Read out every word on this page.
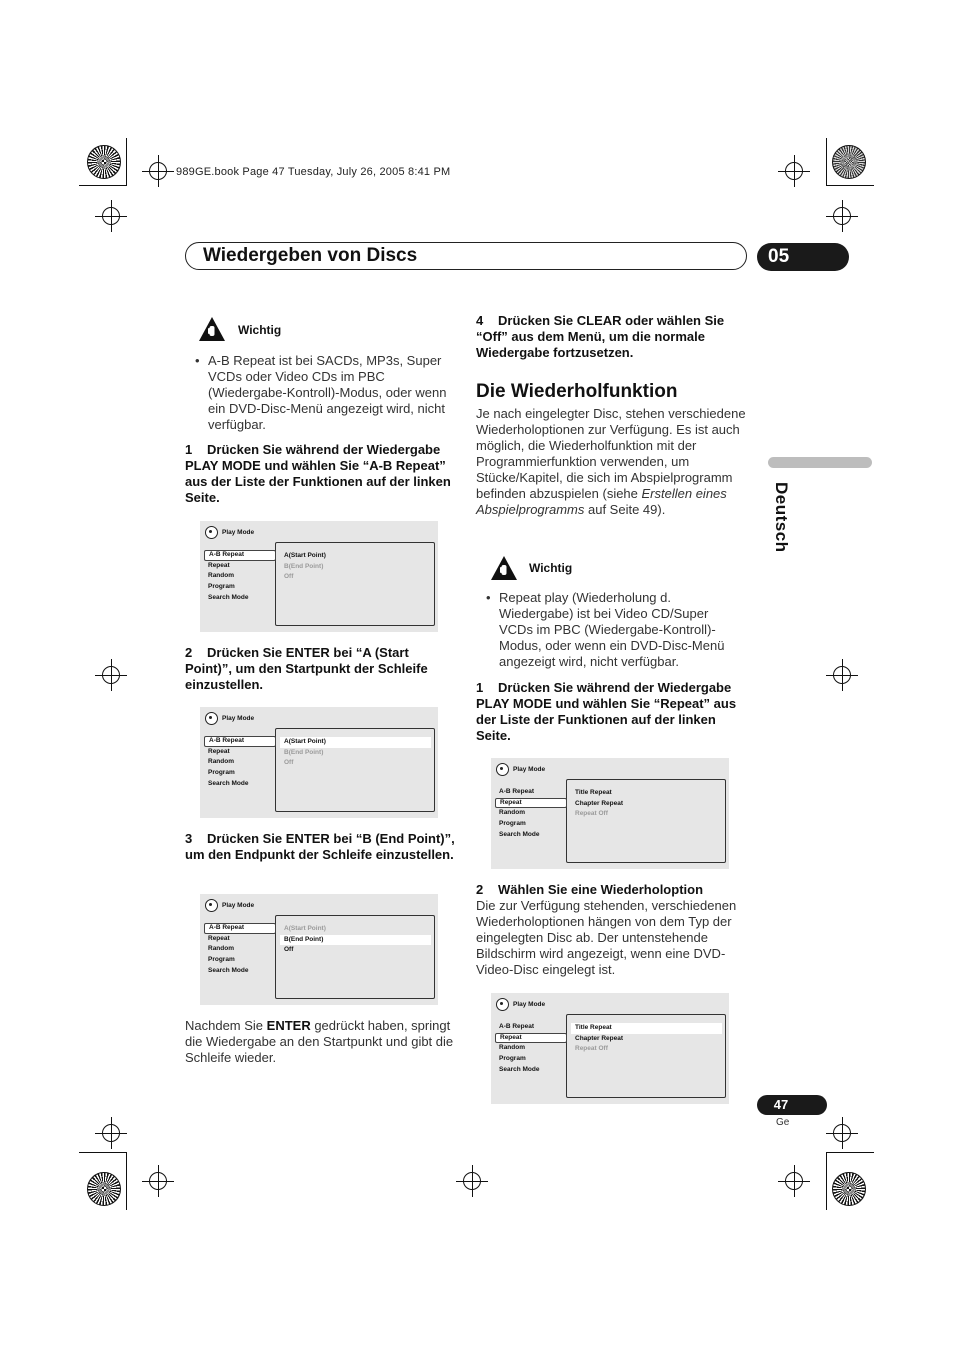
989GE.book Page 47 Tuesday, July 26, 2005 8:41 PM
Wiedergeben von Discs	05
Deutsch
Wichtig
• A-B Repeat ist bei SACDs, MP3s, Super VCDs oder Video CDs im PBC (Wiedergabe-Kontroll)-Modus, oder wenn ein DVD-Disc-Menü angezeigt wird, nicht verfügbar.
1 Drücken Sie während der Wiedergabe PLAY MODE und wählen Sie “A-B Repeat” aus der Liste der Funktionen auf der linken Seite.
Play Mode
A(Start Point)
B(End Point)
Off
A-B Repeat
Repeat
Random
Program
Search Mode
2 Drücken Sie ENTER bei “A (Start Point)”, um den Startpunkt der Schleife einzustellen.
Play Mode
A(Start Point)
B(End Point)
Off
A-B Repeat
Repeat
Random
Program
Search Mode
3 Drücken Sie ENTER bei “B (End Point)”, um den Endpunkt der Schleife einzustellen.
Play Mode
A(Start Point)
B(End Point)
Off
A-B Repeat
Repeat
Random
Program
Search Mode
Nachdem Sie ENTER gedrückt haben, springt die Wiedergabe an den Startpunkt und gibt die Schleife wieder.
4 Drücken Sie CLEAR oder wählen Sie “Off” aus dem Menü, um die normale Wiedergabe fortzusetzen.
Die Wiederholfunktion
Je nach eingelegter Disc, stehen verschiedene Wiederholoptionen zur Verfügung. Es ist auch möglich, die Wiederholfunktion mit der Programmierfunktion verwenden, um Stücke/Kapitel, die sich im Abspielprogramm befinden abzuspielen (siehe Erstellen eines Abspielprogramms auf Seite 49).
Wichtig
• Repeat play (Wiederholung d. Wiedergabe) ist bei Video CD/Super VCDs im PBC (Wiedergabe-Kontroll)-Modus, oder wenn ein DVD-Disc-Menü angezeigt wird, nicht verfügbar.
1 Drücken Sie während der Wiedergabe PLAY MODE und wählen Sie “Repeat” aus der Liste der Funktionen auf der linken Seite.
Play Mode
Title Repeat
Chapter Repeat
Repeat Off
A-B Repeat
Repeat
Random
Program
Search Mode
2 Wählen Sie eine Wiederholoption
Die zur Verfügung stehenden, verschiedenen Wiederholoptionen hängen von dem Typ der eingelegten Disc ab. Der untenstehende Bildschirm wird angezeigt, wenn eine DVD-Video-Disc eingelegt ist.
Play Mode
Title Repeat
Chapter Repeat
Repeat Off
A-B Repeat
Repeat
Random
Program
Search Mode
47
Ge
